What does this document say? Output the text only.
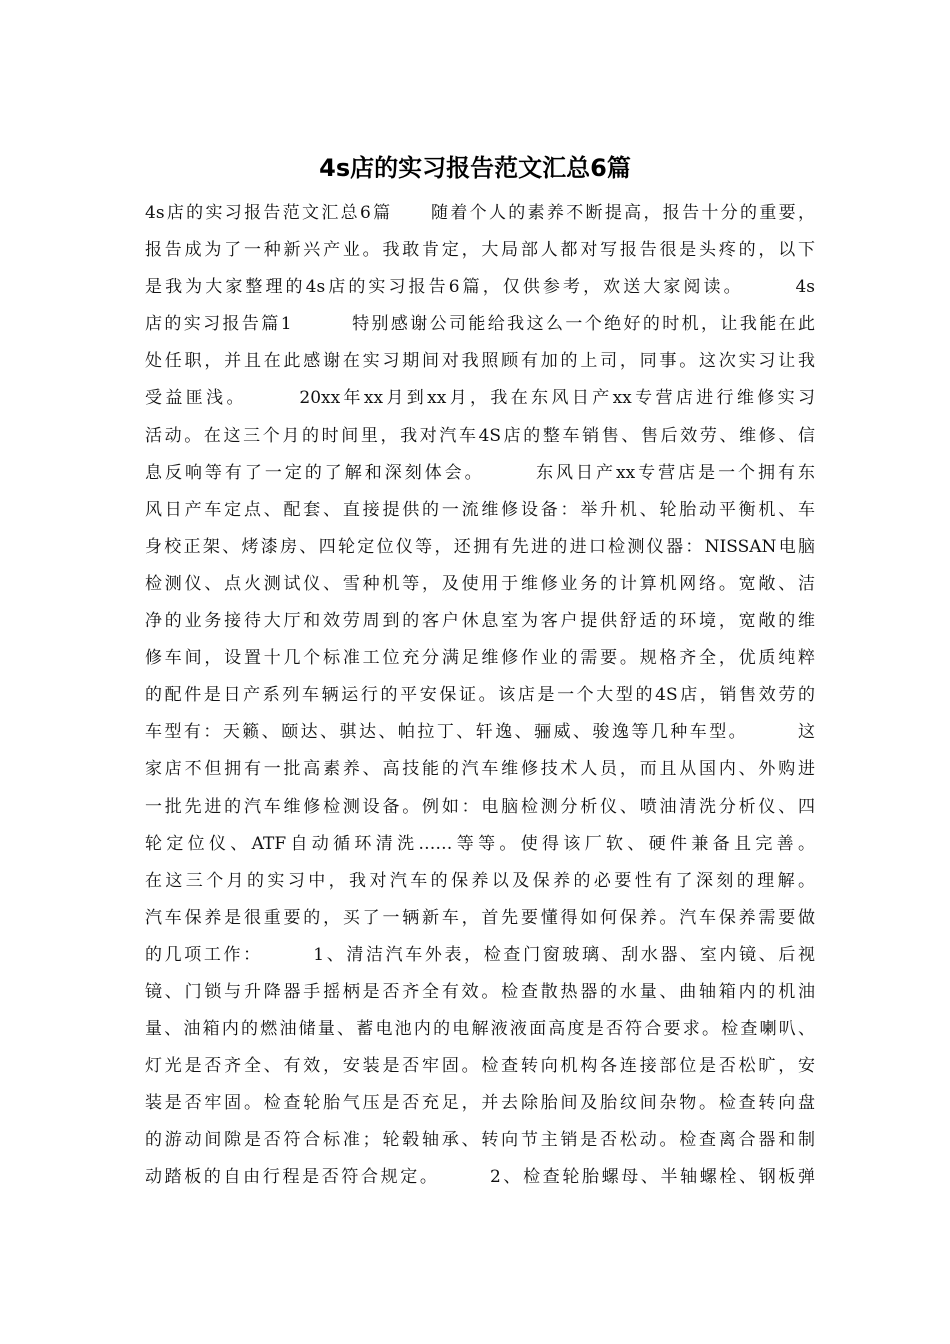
4s店的实习报告范文汇总6篇
4s店的实习报告范文汇总6篇　　随着个人的素养不断提高，报告十分的重要，
报告成为了一种新兴产业。我敢肯定，大局部人都对写报告很是头疼的，以下
是我为大家整理的4s店的实习报告6篇，仅供参考，欢送大家阅读。　　　4s
店的实习报告篇1　　　特别感谢公司能给我这么一个绝好的时机，让我能在此
处任职，并且在此感谢在实习期间对我照顾有加的上司，同事。这次实习让我
受益匪浅。　　　20xx年xx月到xx月，我在东风日产xx专营店进行维修实习
活动。在这三个月的时间里，我对汽车4S店的整车销售、售后效劳、维修、信
息反响等有了一定的了解和深刻体会。　　　东风日产xx专营店是一个拥有东
风日产车定点、配套、直接提供的一流维修设备：举升机、轮胎动平衡机、车
身校正架、烤漆房、四轮定位仪等，还拥有先进的进口检测仪器：NISSAN电脑
检测仪、点火测试仪、雪种机等，及使用于维修业务的计算机网络。宽敞、洁
净的业务接待大厅和效劳周到的客户休息室为客户提供舒适的环境，宽敞的维
修车间，设置十几个标准工位充分满足维修作业的需要。规格齐全，优质纯粹
的配件是日产系列车辆运行的平安保证。该店是一个大型的4S店，销售效劳的
车型有：天籁、颐达、骐达、帕拉丁、轩逸、骊威、骏逸等几种车型。　　　这
家店不但拥有一批高素养、高技能的汽车维修技术人员，而且从国内、外购进
一批先进的汽车维修检测设备。例如：电脑检测分析仪、喷油清洗分析仪、四
轮定位仪、ATF自动循环清洗……等等。使得该厂软、硬件兼备且完善。
在这三个月的实习中，我对汽车的保养以及保养的必要性有了深刻的理解。
汽车保养是很重要的，买了一辆新车，首先要懂得如何保养。汽车保养需要做
的几项工作：　　　1、清洁汽车外表，检查门窗玻璃、刮水器、室内镜、后视
镜、门锁与升降器手摇柄是否齐全有效。检查散热器的水量、曲轴箱内的机油
量、油箱内的燃油储量、蓄电池内的电解液液面高度是否符合要求。检查喇叭、
灯光是否齐全、有效，安装是否牢固。检查转向机构各连接部位是否松旷，安
装是否牢固。检查轮胎气压是否充足，并去除胎间及胎纹间杂物。检查转向盘
的游动间隙是否符合标准；轮毂轴承、转向节主销是否松动。检查离合器和制
动踏板的自由行程是否符合规定。　　　2、检查轮胎螺母、半轴螺栓、钢板弹
